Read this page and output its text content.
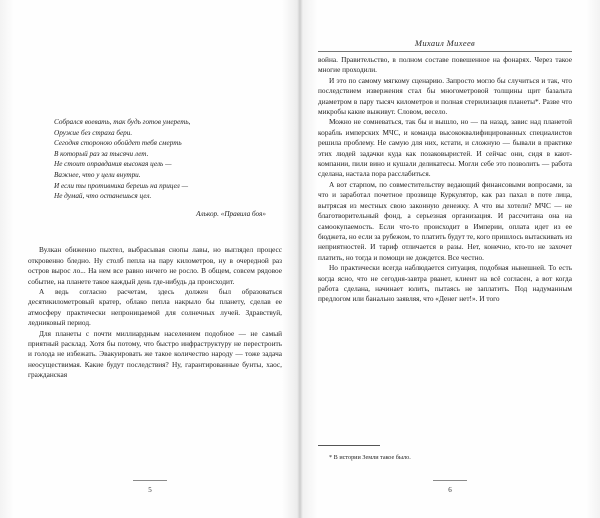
Собрался воевать, так будь готов умереть,
Оружие без страха бери.
Сегодня стороною обойдет тебя смерть
В который раз за тысячи лет.
Не стоит оправдания высокая цель —
Важнее, что у цели внутри.
И если ты противника берешь на прицел —
Не думай, что останешься цел.
Алькор. «Правила боя»

Вулкан обиженно пыхтел, выбрасывая снопы лавы, но выглядел процесс откровенно бледно. Ну столб пепла на пару километров, ну в очередной раз остров вырос ло... На нем все равно ничего не росло. В общем, совсем рядовое событие, на планете такое каждый день где-нибудь да происходит.

А ведь согласно расчетам, здесь должен был образоваться десятикилометровый кратер, облако пепла накрыло бы планету, сделав ее атмосферу практически непроницаемой для солнечных лучей. Здравствуй, ледниковый период.

Для планеты с почти миллиардным населением подобное — не самый приятный расклад. Хотя бы потому, что быстро инфраструктуру не перестроить и голода не избежать. Эвакуировать же такое количество народу — тоже задача неосуществимая. Какие будут последствия? Ну, гарантированные бунты, хаос, гражданская

5
Михаил Михеев

война. Правительство, в полном составе повешенное на фонарях. Через такое многие проходили.

И это по самому мягкому сценарию. Запросто могло бы случиться и так, что последствием извержения стал бы многометровой толщины щит базальта диаметром в пару тысяч километров и полная стерилизация планеты*. Разве что микробы какие выживут. Словом, весело.

Можно не сомневаться, так бы и вышло, но — па назад, завис над планетой корабль имперских МЧС, и команда высококвалифицированных специалистов решила проблему. Не самую для них, кстати, и сложную — бывали в практике этих людей задачки куда как позаковыристей. И сейчас они, сидя в кают-компании, пили вино и кушали деликатесы. Могли себе это позволить — работа сделана, настала пора расслабиться.

А вот старпом, по совместительству ведающий финансовыми вопросами, за что и заработал почетное прозвище Куркулятор, как раз пахал в поте лица, вытрясая из местных свою законную денежку. А что вы хотели? МЧС — не благотворительный фонд, а серьезная организация. И рассчитана она на самоокупаемость. Если что-то происходит в Империи, оплата идет из ее бюджета, но если за рубежом, то платить будут те, кого пришлось вытаскивать из неприятностей. И тариф отличается в разы. Нет, конечно, кто-то не захочет платить, но тогда и помощи не дождется. Все честно.

Но практически всегда наблюдается ситуация, подобная нынешней. То есть когда ясно, что не сегодня-завтра рванет, клиент на всё согласен, а вот когда работа сделана, начинает юлить, пытаясь не заплатить. Под надуманным предлогом или банально заявляя, что «Денег нет!». И того

* В истории Земли такое было.
6
